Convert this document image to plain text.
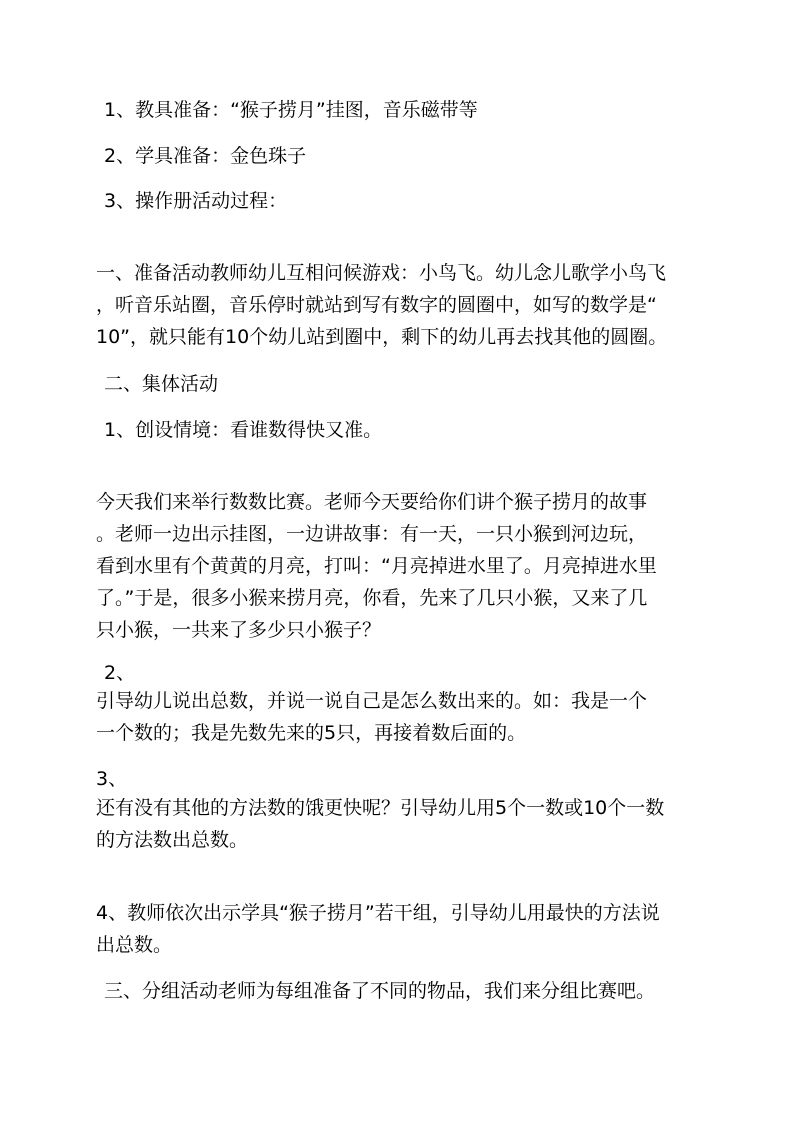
1、教具准备：“猴子捞月”挂图，音乐磁带等
2、学具准备：金色珠子
3、操作册活动过程：
一、准备活动教师幼儿互相问候游戏：小鸟飞。幼儿念儿歌学小鸟飞
，听音乐站圈，音乐停时就站到写有数字的圆圈中，如写的数学是“
10”，就只能有10个幼儿站到圈中，剩下的幼儿再去找其他的圆圈。
二、集体活动
1、创设情境：看谁数得快又准。
今天我们来举行数数比赛。老师今天要给你们讲个猴子捞月的故事
。老师一边出示挂图，一边讲故事：有一天，一只小猴到河边玩，
看到水里有个黄黄的月亮，打叫：“月亮掉进水里了。月亮掉进水里
了。”于是，很多小猴来捞月亮，你看，先来了几只小猴，又来了几
只小猴，一共来了多少只小猴子？
2、
引导幼儿说出总数，并说一说自己是怎么数出来的。如：我是一个
一个数的；我是先数先来的5只，再接着数后面的。
3、
还有没有其他的方法数的饿更快呢？引导幼儿用5个一数或10个一数
的方法数出总数。
4、教师依次出示学具“猴子捞月”若干组，引导幼儿用最快的方法说
出总数。
三、分组活动老师为每组准备了不同的物品，我们来分组比赛吧。
